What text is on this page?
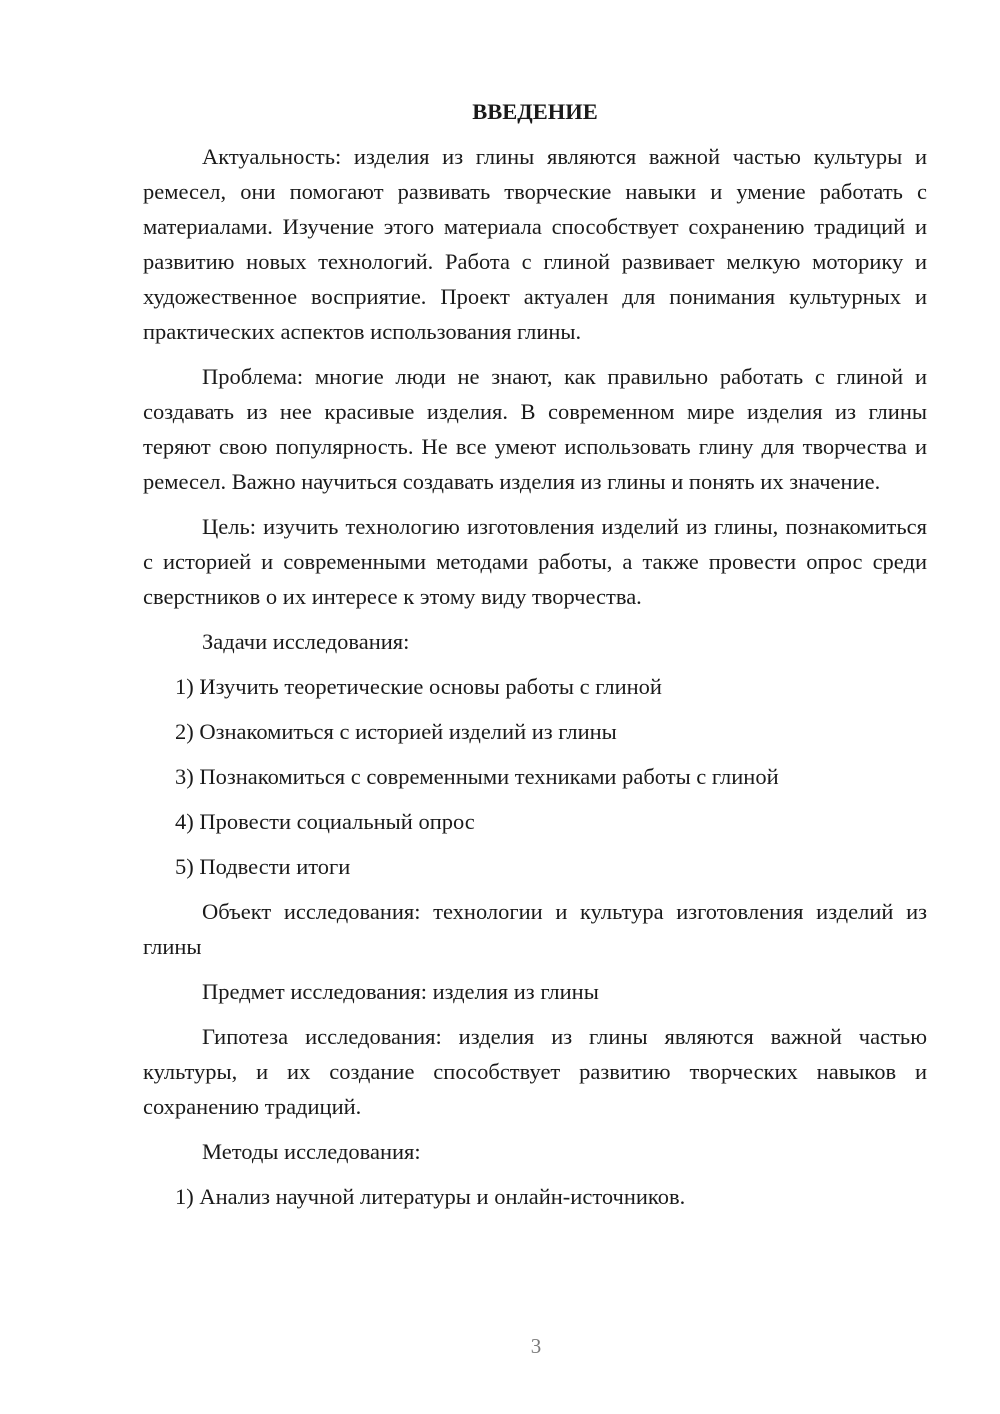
ВВЕДЕНИЕ
Актуальность: изделия из глины являются важной частью культуры и ремесел, они помогают развивать творческие навыки и умение работать с материалами. Изучение этого материала способствует сохранению традиций и развитию новых технологий. Работа с глиной развивает мелкую моторику и художественное восприятие. Проект актуален для понимания культурных и практических аспектов использования глины.
Проблема: многие люди не знают, как правильно работать с глиной и создавать из нее красивые изделия. В современном мире изделия из глины теряют свою популярность. Не все умеют использовать глину для творчества и ремесел. Важно научиться создавать изделия из глины и понять их значение.
Цель: изучить технологию изготовления изделий из глины, познакомиться с историей и современными методами работы, а также провести опрос среди сверстников о их интересе к этому виду творчества.
Задачи исследования:
1) Изучить теоретические основы работы с глиной
2) Ознакомиться с историей изделий из глины
3) Познакомиться с современными техниками работы с глиной
4) Провести социальный опрос
5) Подвести итоги
Объект исследования: технологии и культура изготовления изделий из глины
Предмет исследования: изделия из глины
Гипотеза исследования: изделия из глины являются важной частью культуры, и их создание способствует развитию творческих навыков и сохранению традиций.
Методы исследования:
1) Анализ научной литературы и онлайн-источников.
3
